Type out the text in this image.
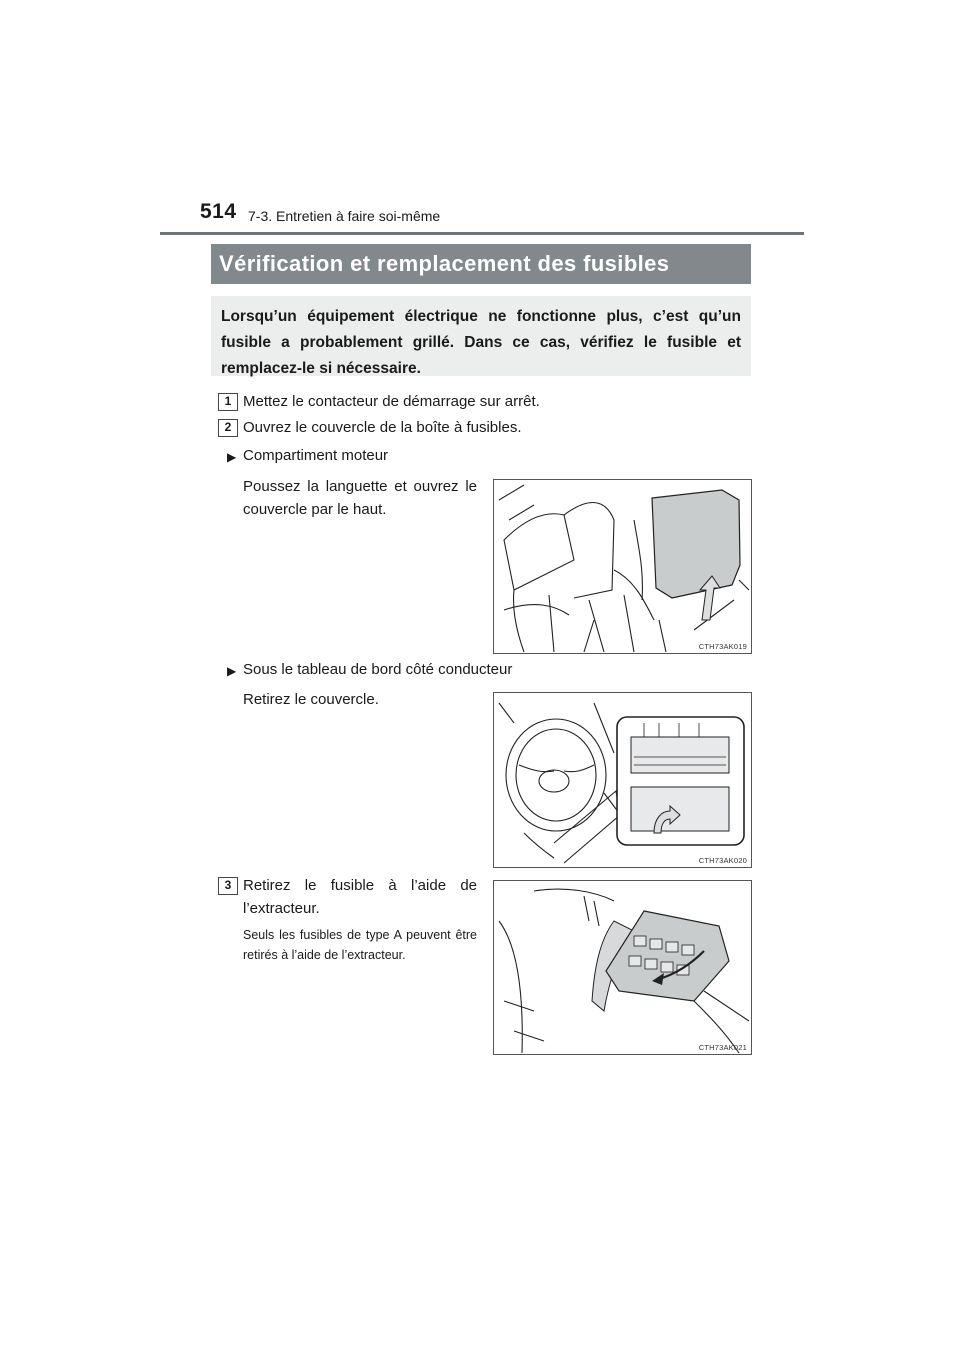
514 7-3. Entretien à faire soi-même
Vérification et remplacement des fusibles
Lorsqu’un équipement électrique ne fonctionne plus, c’est qu’un fusible a probablement grillé. Dans ce cas, vérifiez le fusible et remplacez-le si nécessaire.
1 Mettez le contacteur de démarrage sur arrêt.
2 Ouvrez le couvercle de la boîte à fusibles.
▶ Compartiment moteur
Poussez la languette et ouvrez le couvercle par le haut.
CTH73AK019
▶ Sous le tableau de bord côté conducteur
Retirez le couvercle.
CTH73AK020
3 Retirez le fusible à l’aide de l’extracteur.
Seuls les fusibles de type A peuvent être retirés à l’aide de l’extracteur.
CTH73AK021
